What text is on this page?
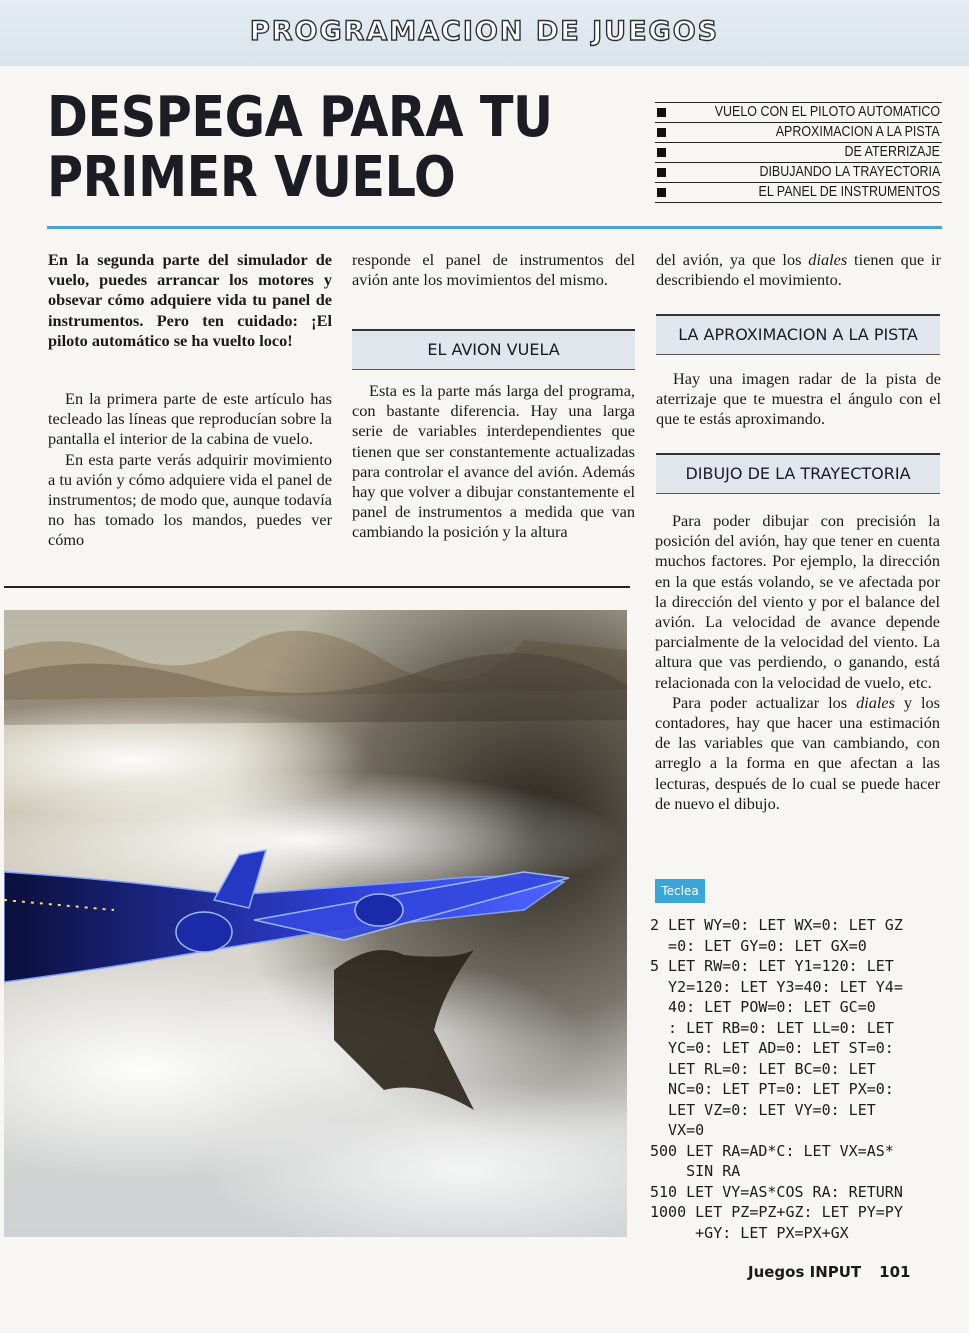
PROGRAMACION DE JUEGOS
DESPEGA PARA TU
PRIMER VUELO
VUELO CON EL PILOTO AUTOMATICO
APROXIMACION A LA PISTA
DE ATERRIZAJE
DIBUJANDO LA TRAYECTORIA
EL PANEL DE INSTRUMENTOS

En la segunda parte del simulador de vuelo, puedes arrancar los motores y obsevar cómo adquiere vida tu panel de instrumentos. Pero ten cuidado: ¡El piloto automático se ha vuelto loco!

En la primera parte de este artículo has tecleado las líneas que reproducían sobre la pantalla el interior de la cabina de vuelo.

En esta parte verás adquirir movimiento a tu avión y cómo adquiere vida el panel de instrumentos; de modo que, aunque todavía no has tomado los mandos, puedes ver cómo

responde el panel de instrumentos del avión ante los movimientos del mismo.

EL AVION VUELA

Esta es la parte más larga del programa, con bastante diferencia. Hay una larga serie de variables interdependientes que tienen que ser constantemente actualizadas para controlar el avance del avión. Además hay que volver a dibujar constantemente el panel de instrumentos a medida que van cambiando la posición y la altura

del avión, ya que los diales tienen que ir describiendo el movimiento.

LA APROXIMACION A LA PISTA

Hay una imagen radar de la pista de aterrizaje que te muestra el ángulo con el que te estás aproximando.

DIBUJO DE LA TRAYECTORIA

Para poder dibujar con precisión la posición del avión, hay que tener en cuenta muchos factores. Por ejemplo, la dirección en la que estás volando, se ve afectada por la dirección del viento y por el balance del avión. La velocidad de avance depende parcialmente de la velocidad del viento. La altura que vas perdiendo, o ganando, está relacionada con la velocidad de vuelo, etc.

Para poder actualizar los diales y los contadores, hay que hacer una estimación de las variables que van cambiando, con arreglo a la forma en que afectan a las lecturas, después de lo cual se puede hacer de nuevo el dibujo.

Teclea
2 LET WY=0: LET WX=0: LET GZ
=0: LET GY=0: LET GX=0
5 LET RW=0: LET Y1=120: LET
Y2=120: LET Y3=40: LET Y4=
40: LET POW=0: LET GC=0
: LET RB=0: LET LL=0: LET
YC=0: LET AD=0: LET ST=0:
LET RL=0: LET BC=0: LET
NC=0: LET PT=0: LET PX=0:
LET VZ=0: LET VY=0: LET
VX=0
500 LET RA=AD*C: LET VX=AS*
SIN RA
510 LET VY=AS*COS RA: RETURN
1000 LET PZ=PZ+GZ: LET PY=PY
+GY: LET PX=PX+GX
Juegos INPUT 101
